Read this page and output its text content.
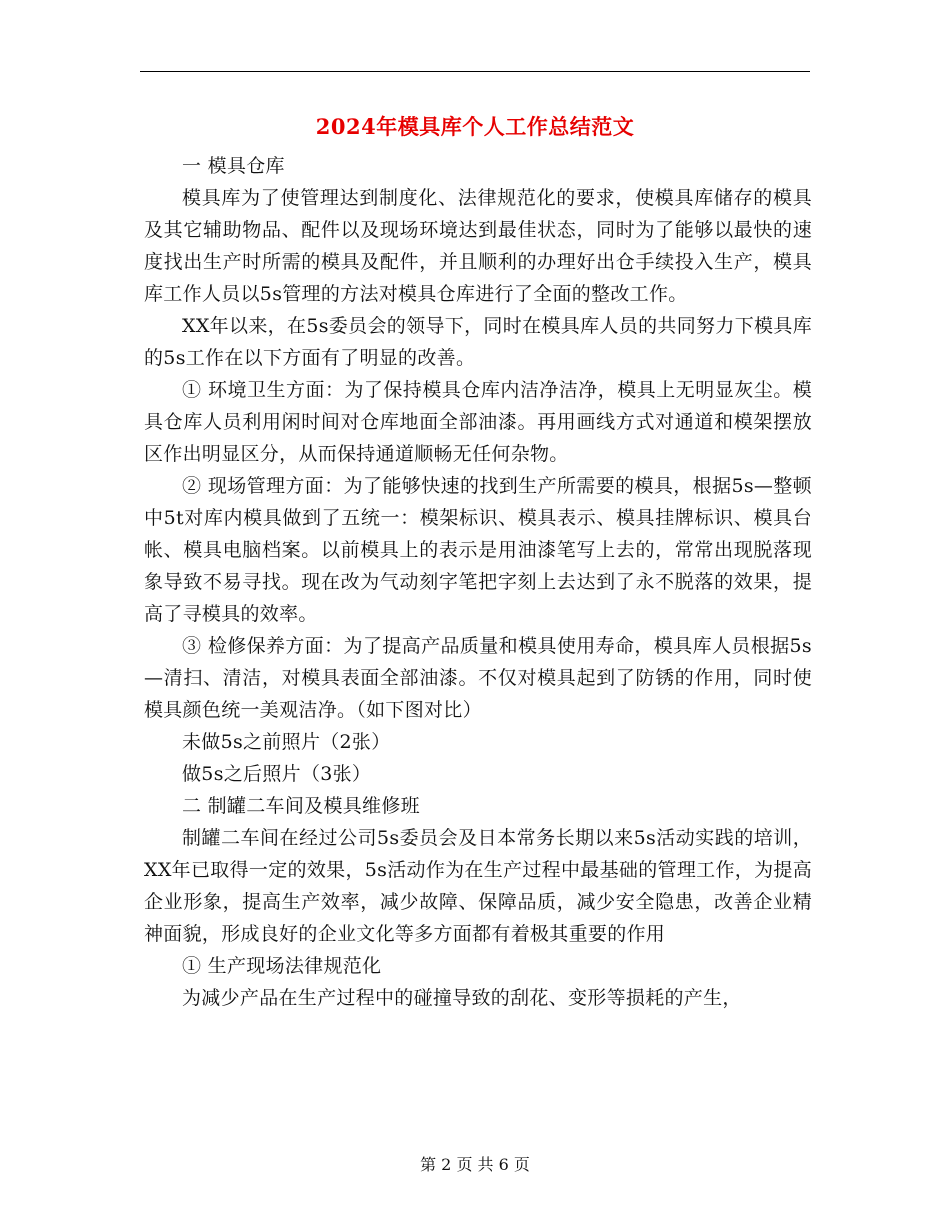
2024年模具库个人工作总结范文

一 模具仓库

模具库为了使管理达到制度化、法律规范化的要求，使模具库储存的模具及其它辅助物品、配件以及现场环境达到最佳状态，同时为了能够以最快的速度找出生产时所需的模具及配件，并且顺利的办理好出仓手续投入生产，模具库工作人员以5s管理的方法对模具仓库进行了全面的整改工作。

XX年以来，在5s委员会的领导下，同时在模具库人员的共同努力下模具库的5s工作在以下方面有了明显的改善。

① 环境卫生方面：为了保持模具仓库内洁净洁净，模具上无明显灰尘。模具仓库人员利用闲时间对仓库地面全部油漆。再用画线方式对通道和模架摆放区作出明显区分，从而保持通道顺畅无任何杂物。

② 现场管理方面：为了能够快速的找到生产所需要的模具，根据5s—整顿中5t对库内模具做到了五统一：模架标识、模具表示、模具挂牌标识、模具台帐、模具电脑档案。以前模具上的表示是用油漆笔写上去的，常常出现脱落现象导致不易寻找。现在改为气动刻字笔把字刻上去达到了永不脱落的效果，提高了寻模具的效率。

③ 检修保养方面：为了提高产品质量和模具使用寿命，模具库人员根据5s—清扫、清洁，对模具表面全部油漆。不仅对模具起到了防锈的作用，同时使模具颜色统一美观洁净。（如下图对比）

未做5s之前照片（2张）

做5s之后照片（3张）

二 制罐二车间及模具维修班

制罐二车间在经过公司5s委员会及日本常务长期以来5s活动实践的培训，XX年已取得一定的效果，5s活动作为在生产过程中最基础的管理工作，为提高企业形象，提高生产效率，减少故障、保障品质，减少安全隐患，改善企业精神面貌，形成良好的企业文化等多方面都有着极其重要的作用

① 生产现场法律规范化

为减少产品在生产过程中的碰撞导致的刮花、变形等损耗的产生，

第 2 页 共 6 页
